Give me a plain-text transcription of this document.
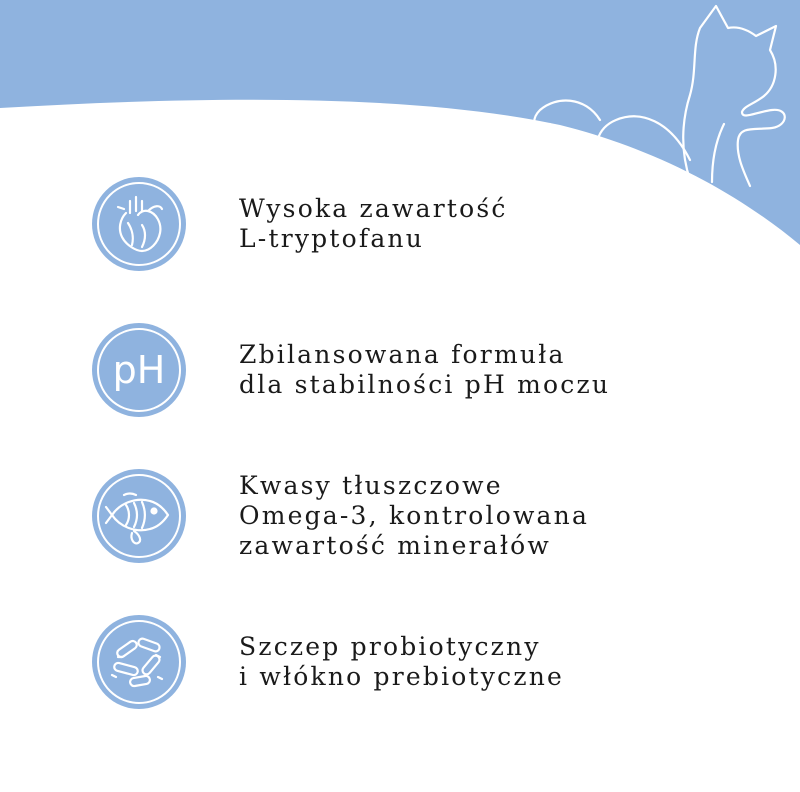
Wysoka zawartość
L-tryptofanu
pH	Zbilansowana formuła
dla stabilności pH moczu
Kwasy tłuszczowe
Omega-3, kontrolowana
zawartość minerałów
Szczep probiotyczny
i włókno prebiotyczne
